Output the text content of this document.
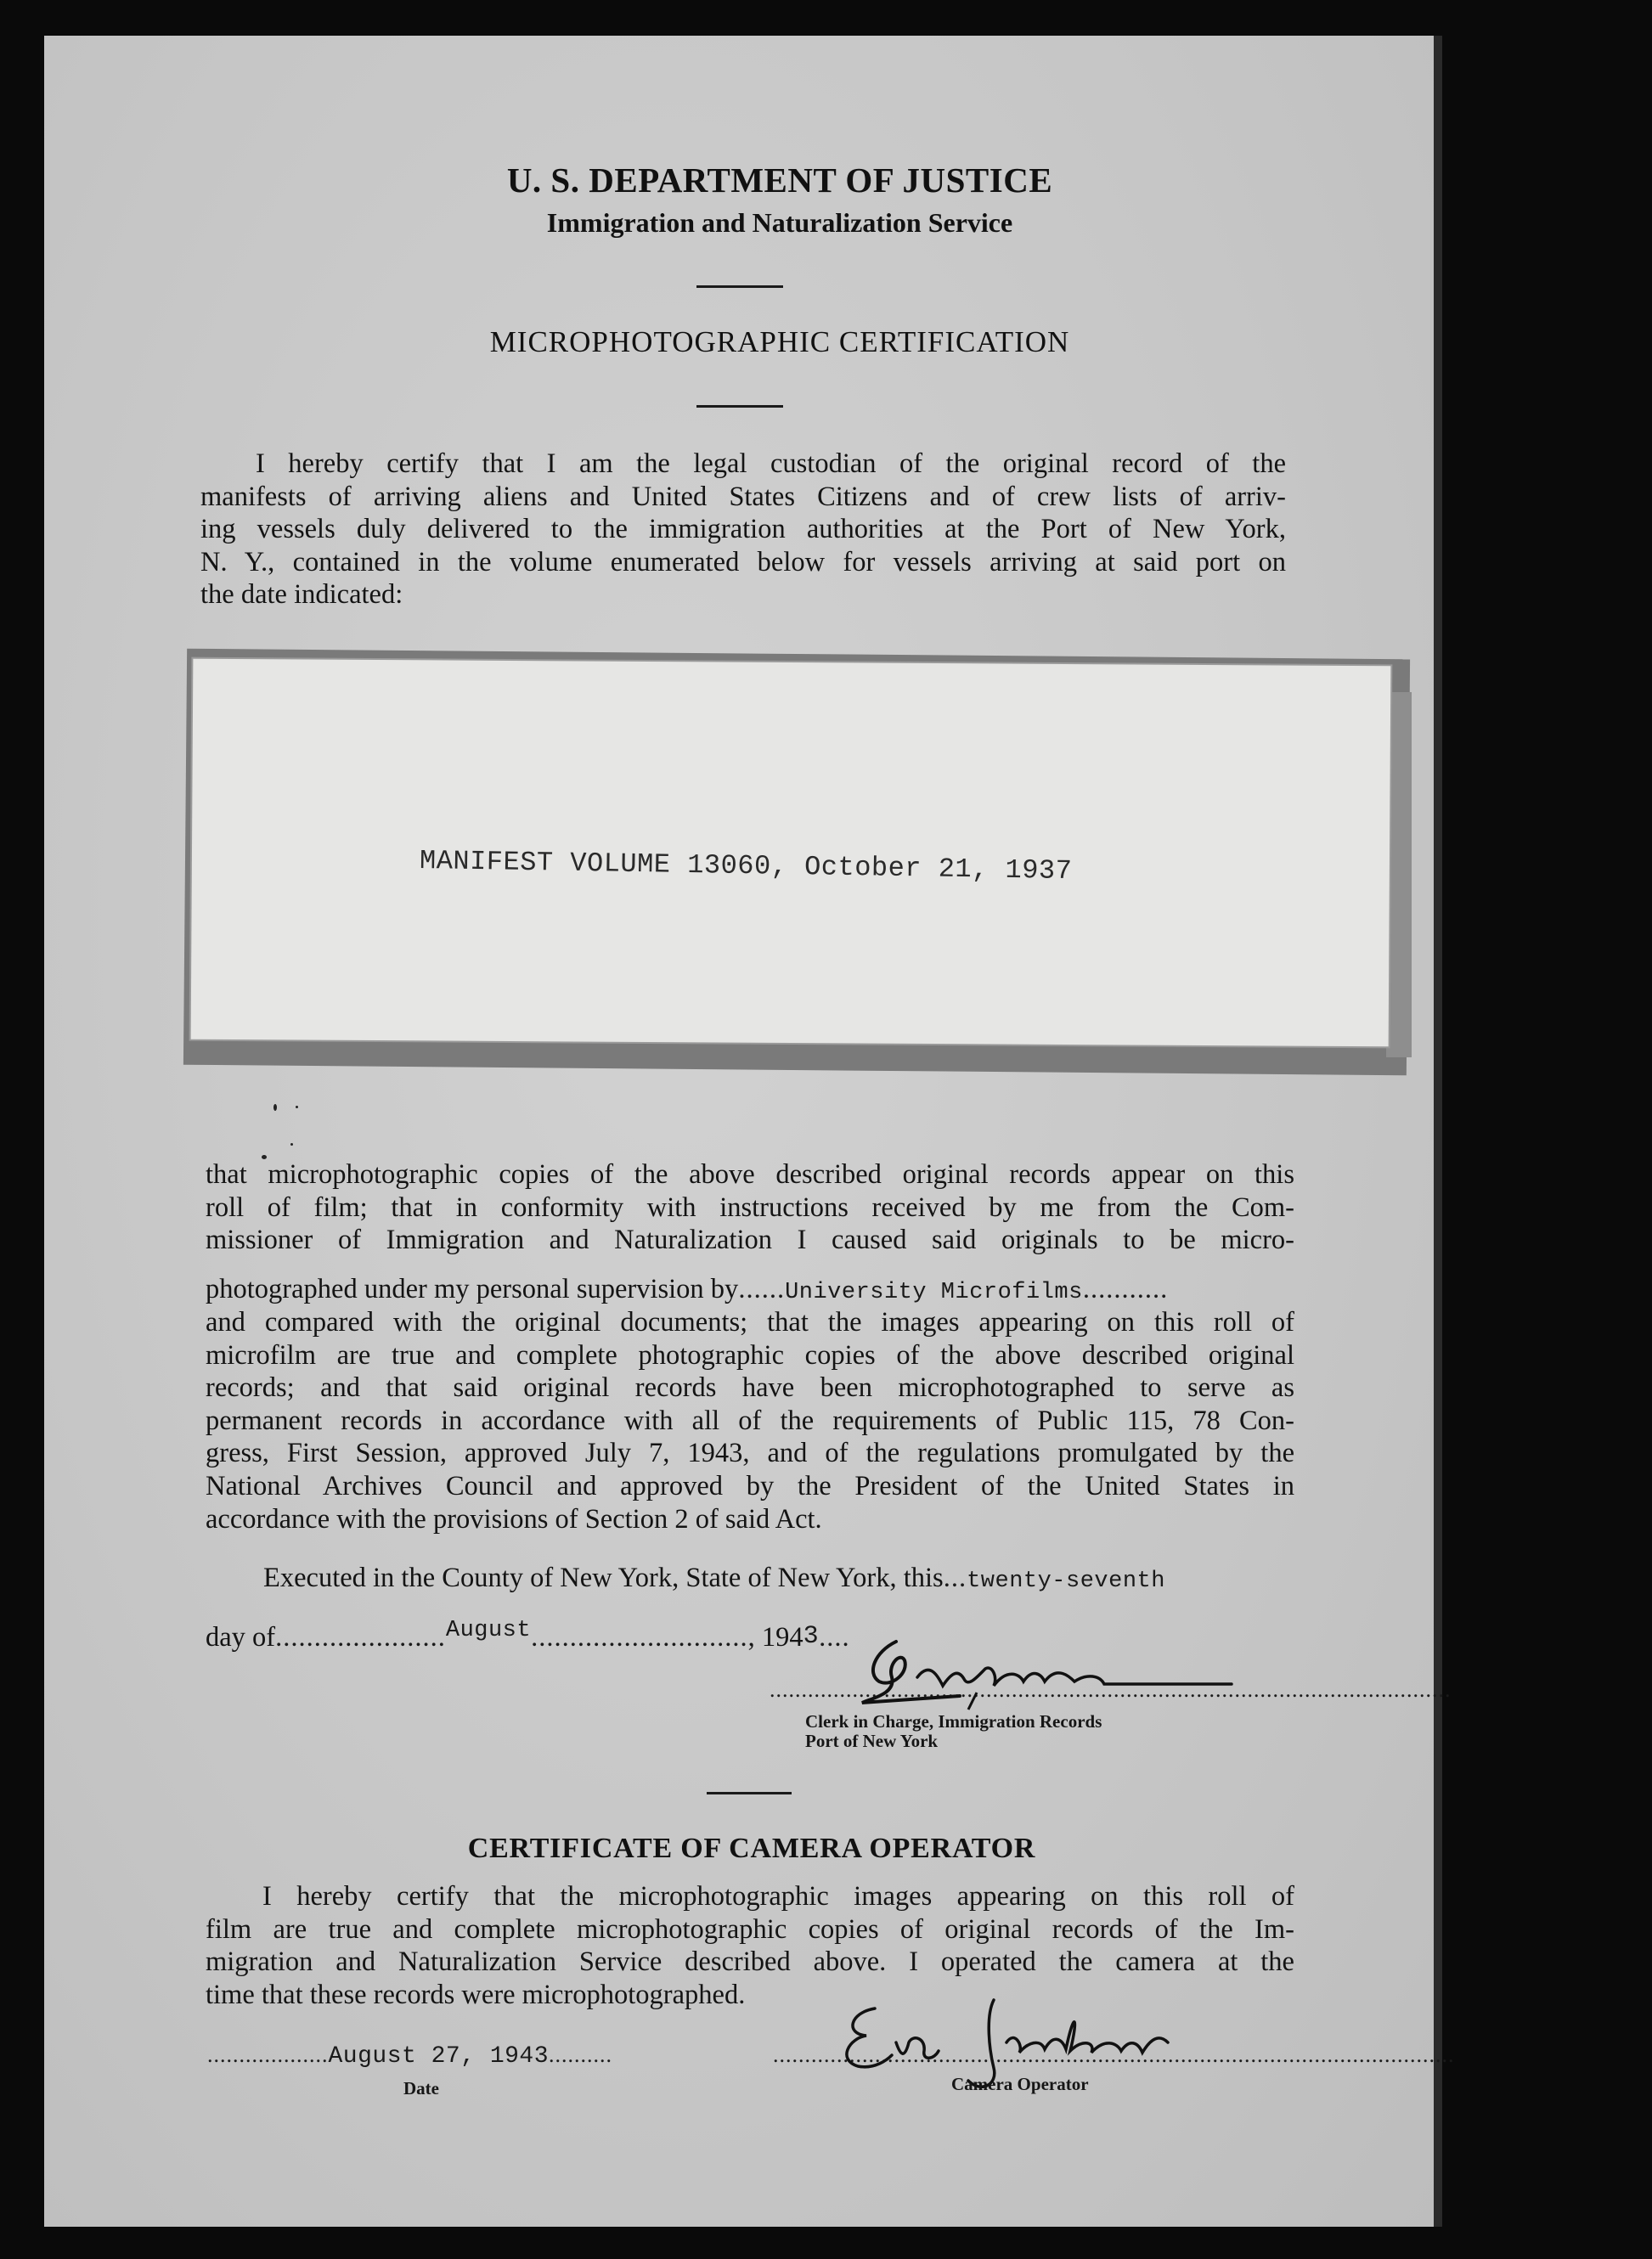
U. S. DEPARTMENT OF JUSTICE
Immigration and Naturalization Service
MICROPHOTOGRAPHIC CERTIFICATION
I hereby certify that I am the legal custodian of the original record of the
manifests of arriving aliens and United States Citizens and of crew lists of arriv-
ing vessels duly delivered to the immigration authorities at the Port of New York,
N. Y., contained in the volume enumerated below for vessels arriving at said port on
the date indicated:
MANIFEST VOLUME 13060, October 21, 1937
that microphotographic copies of the above described original records appear on this
roll of film; that in conformity with instructions received by me from the Com-
missioner of Immigration and Naturalization I caused said originals to be micro-
photographed under my personal supervision by......University Microfilms...........
and compared with the original documents; that the images appearing on this roll of
microfilm are true and complete photographic copies of the above described original
records; and that said original records have been microphotographed to serve as
permanent records in accordance with all of the requirements of Public 115, 78 Con-
gress, First Session, approved July 7, 1943, and of the regulations promulgated by the
National Archives Council and approved by the President of the United States in
accordance with the provisions of Section 2 of said Act.
Executed in the County of New York, State of New York, this...twenty-seventh
day of......................$^{August}$............................, 1943....
...........................................................................................................
Clerk in Charge, Immigration Records
Port of New York
CERTIFICATE OF CAMERA OPERATOR
I hereby certify that the microphotographic images appearing on this roll of
film are true and complete microphotographic copies of original records of the Im-
migration and Naturalization Service described above. I operated the camera at the
time that these records were microphotographed.
...................August 27, 1943..........
Date
...........................................................................................................
Camera Operator
